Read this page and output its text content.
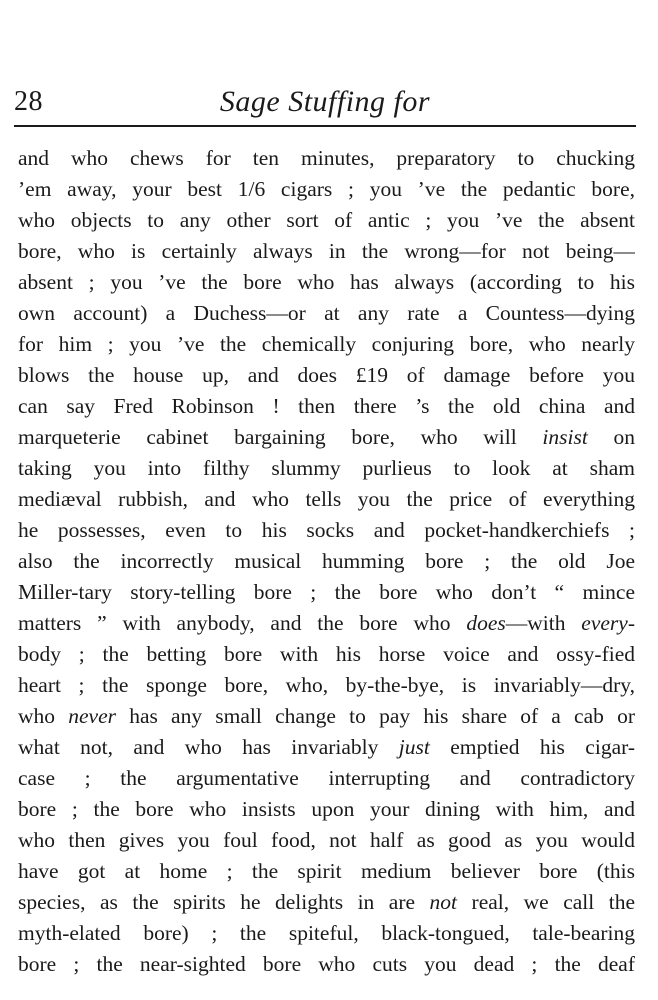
28	Sage Stuffing for
and who chews for ten minutes, preparatory to chucking
’em away, your best 1/6 cigars ; you ’ve the pedantic bore,
who objects to any other sort of antic ; you ’ve the absent
bore, who is certainly always in the wrong—for not being—
absent ; you ’ve the bore who has always (according to his
own account) a Duchess—or at any rate a Countess—dying
for him ; you ’ve the chemically conjuring bore, who nearly
blows the house up, and does £19 of damage before you
can say Fred Robinson ! then there ’s the old china and
marqueterie cabinet bargaining bore, who will insist on
taking you into filthy slummy purlieus to look at sham
mediæval rubbish, and who tells you the price of everything
he possesses, even to his socks and pocket-handkerchiefs ;
also the incorrectly musical humming bore ; the old Joe
Miller-tary story-telling bore ; the bore who don’t “ mince
matters ” with anybody, and the bore who does—with every-
body ; the betting bore with his horse voice and ossy-fied
heart ; the sponge bore, who, by-the-bye, is invariably—dry,
who never has any small change to pay his share of a cab or
what not, and who has invariably just emptied his cigar-
case ; the argumentative interrupting and contradictory
bore ; the bore who insists upon your dining with him, and
who then gives you foul food, not half as good as you would
have got at home ; the spirit medium believer bore (this
species, as the spirits he delights in are not real, we call the
myth-elated bore) ; the spiteful, black-tongued, tale-bearing
bore ; the near-sighted bore who cuts you dead ; the deaf
